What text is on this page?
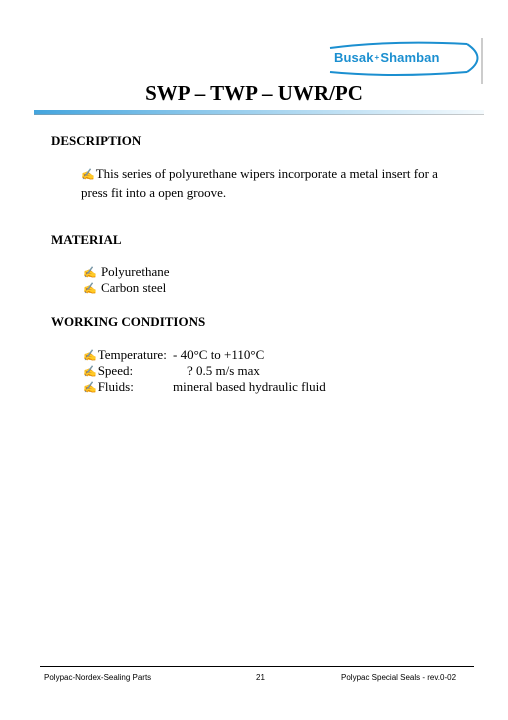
Busak+Shamban
SWP – TWP – UWR/PC
DESCRIPTION
✍This series of polyurethane wipers incorporate a metal insert for a press fit into a open groove.
MATERIAL
✍ Polyurethane
✍ Carbon steel
WORKING CONDITIONS
✍Temperature: - 40°C to +110°C
✍Speed:	? 0.5 m/s max
✍Fluids:	mineral based hydraulic fluid
Polypac-Nordex-Sealing Parts	21	Polypac Special Seals - rev.0-02
